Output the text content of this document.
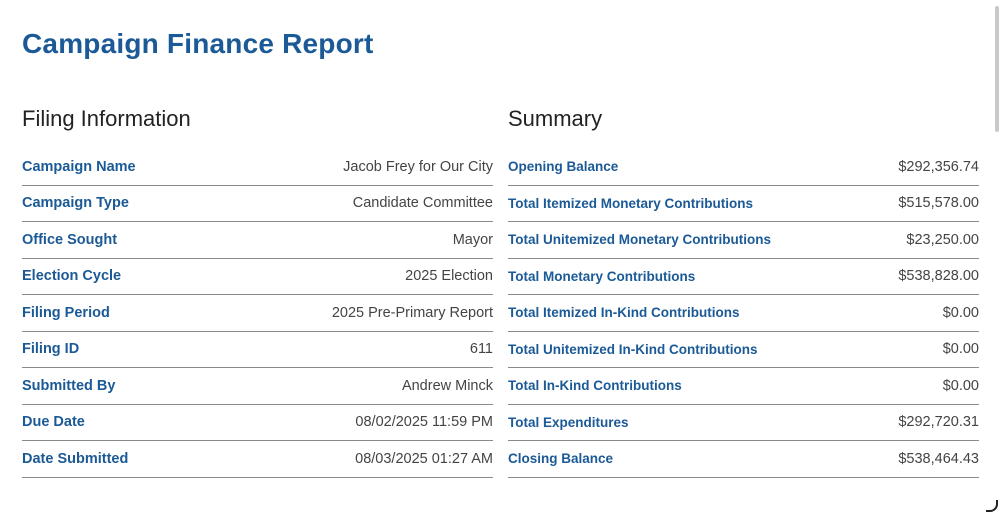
Campaign Finance Report
Filing Information
Campaign Name	Jacob Frey for Our City
Campaign Type	Candidate Committee
Office Sought	Mayor
Election Cycle	2025 Election
Filing Period	2025 Pre-Primary Report
Filing ID	611
Submitted By	Andrew Minck
Due Date	08/02/2025 11:59 PM
Date Submitted	08/03/2025 01:27 AM
Summary
Opening Balance	$292,356.74
Total Itemized Monetary Contributions	$515,578.00
Total Unitemized Monetary Contributions	$23,250.00
Total Monetary Contributions	$538,828.00
Total Itemized In-Kind Contributions	$0.00
Total Unitemized In-Kind Contributions	$0.00
Total In-Kind Contributions	$0.00
Total Expenditures	$292,720.31
Closing Balance	$538,464.43
